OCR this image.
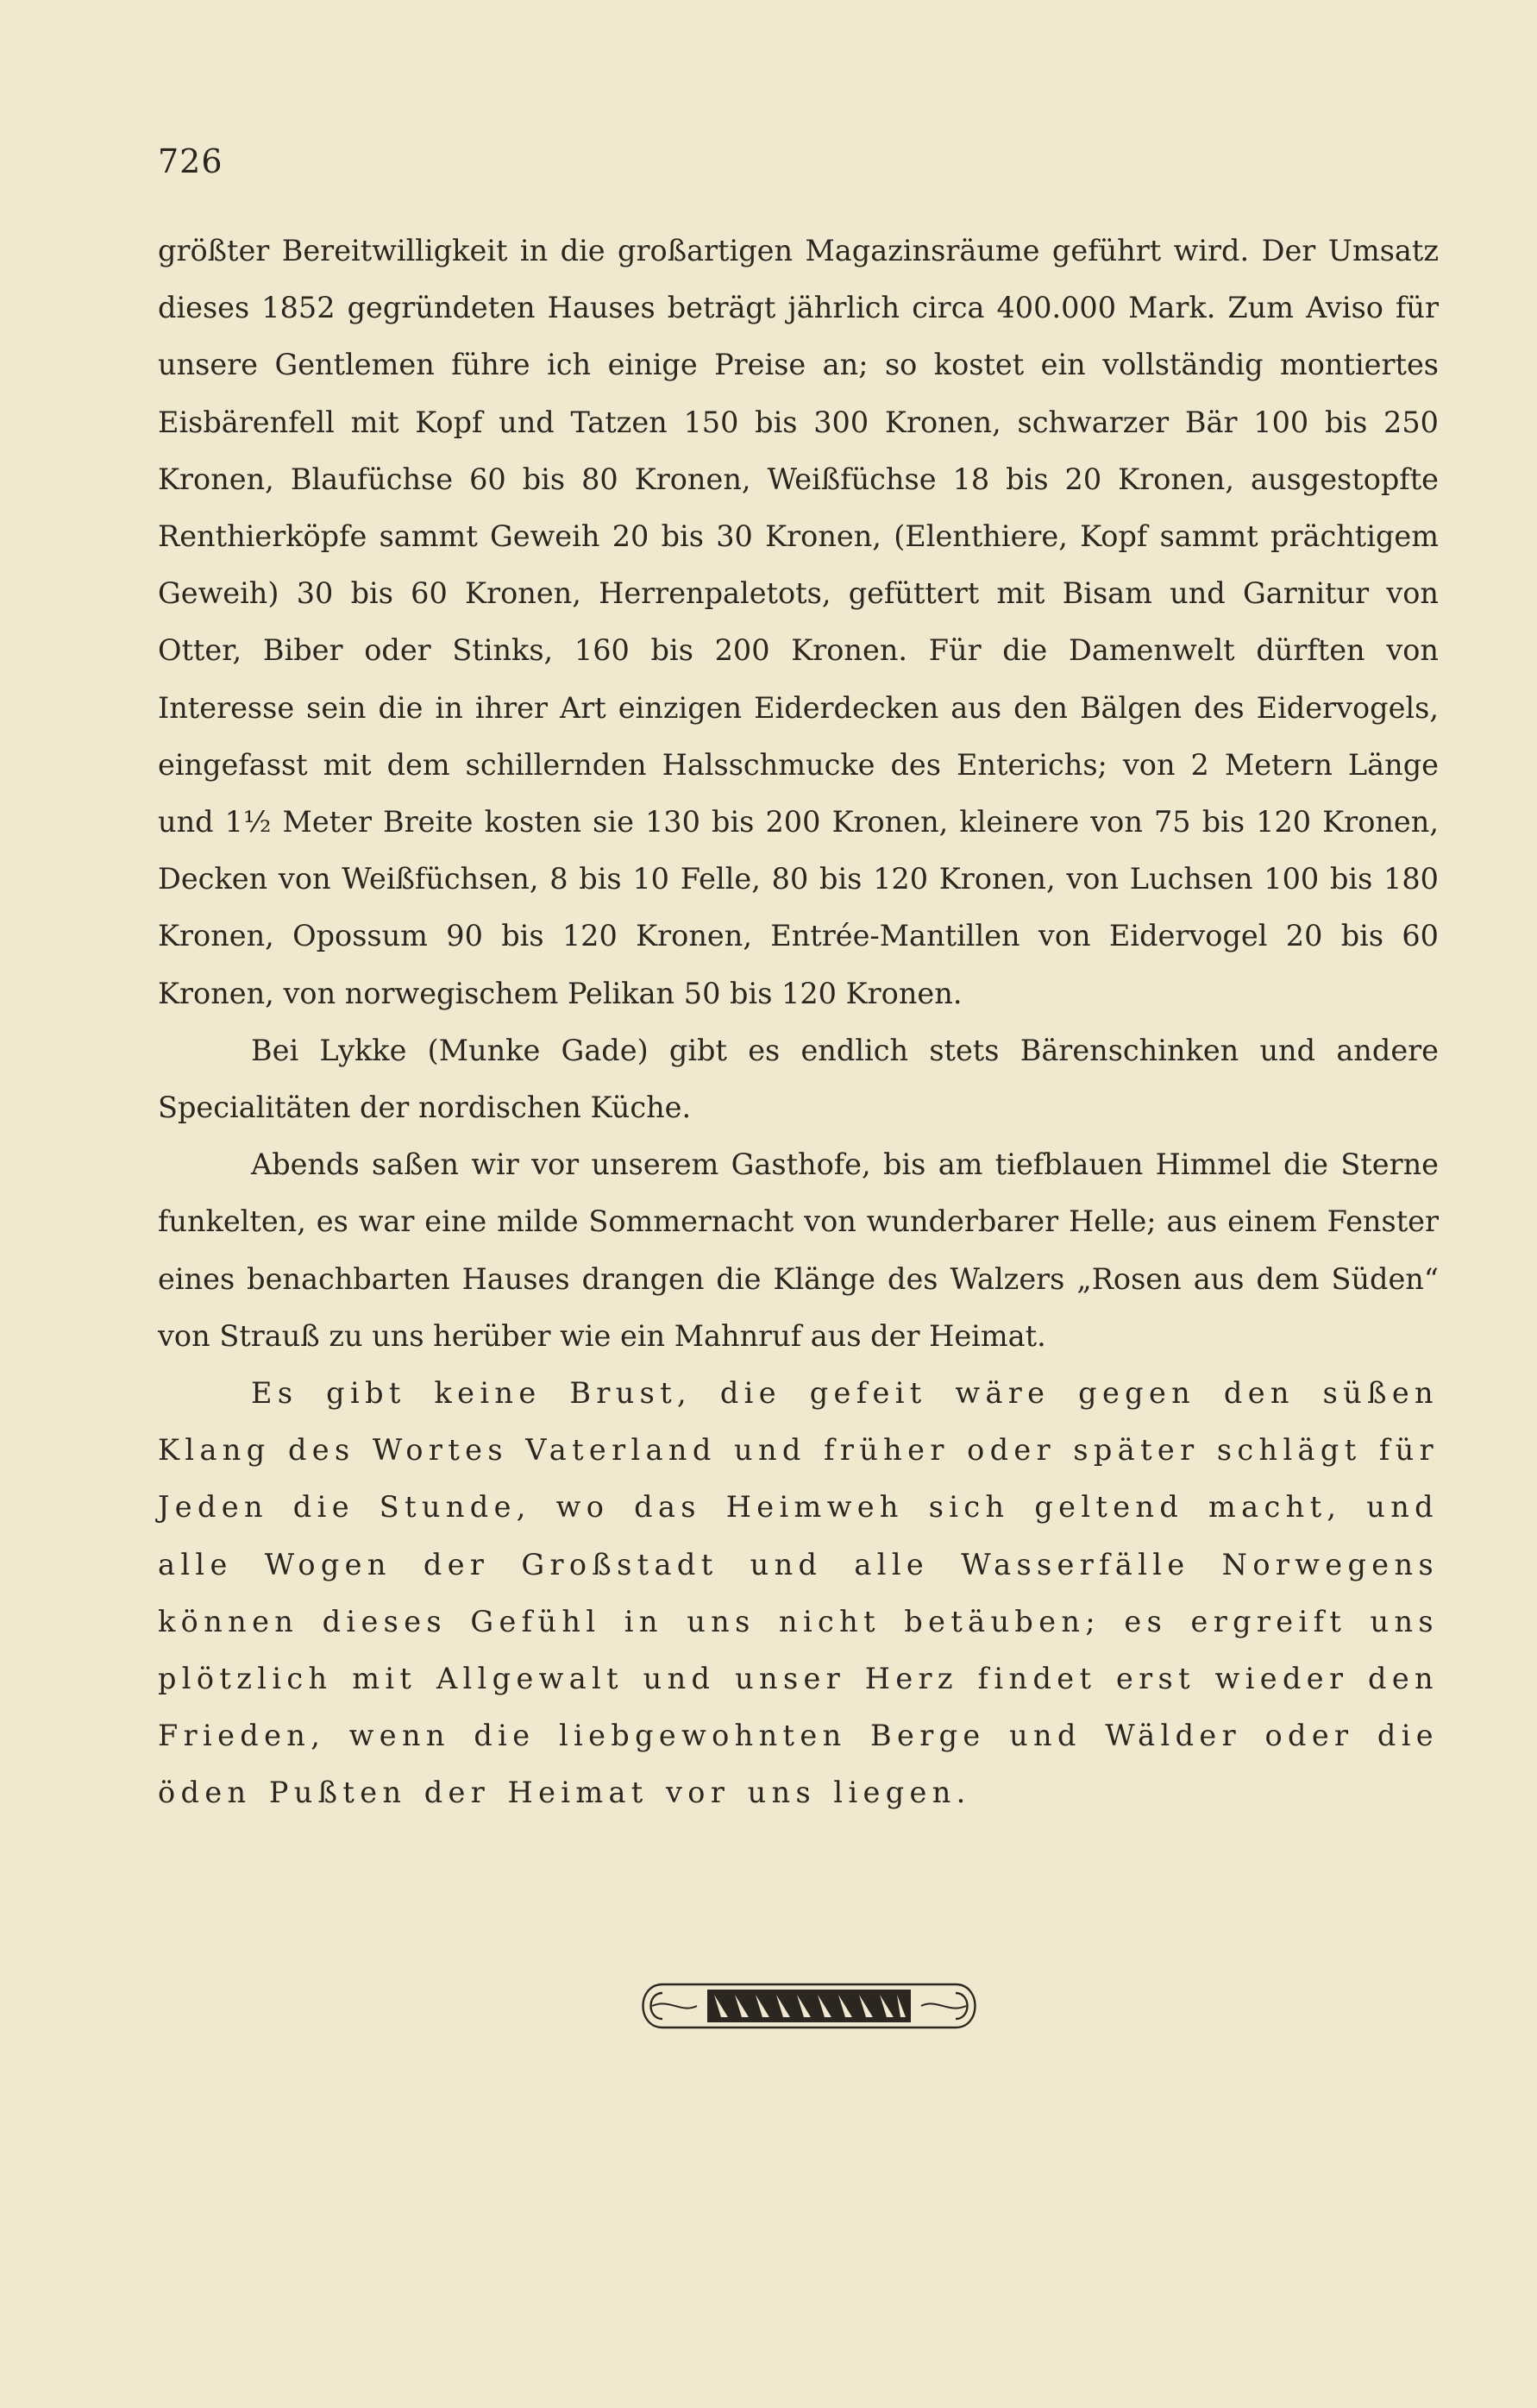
726

größter Bereitwilligkeit in die großartigen Magazinsräume geführt wird. Der Umsatz dieses 1852 gegründeten Hauses beträgt jährlich circa 400.000 Mark. Zum Avisо für unsere Gentlemen führe ich einige Preise an; so kostet ein vollständig montiertes Eisbärenfell mit Kopf und Tatzen 150 bis 300 Kronen, schwarzer Bär 100 bis 250 Kronen, Blaufüchse 60 bis 80 Kronen, Weißfüchse 18 bis 20 Kronen, ausgestopfte Renthierköpfe sammt Geweih 20 bis 30 Kronen, (Elenthiere, Kopf sammt prächtigem Geweih) 30 bis 60 Kronen, Herrenpaletots, gefüttert mit Bisam und Garnitur von Otter, Biber oder Stinks, 160 bis 200 Kronen. Für die Damenwelt dürften von Interesse sein die in ihrer Art einzigen Eiderdecken aus den Bälgen des Eidervogels, eingefasst mit dem schillernden Halsschmucke des Enterichs; von 2 Metern Länge und 1½ Meter Breite kosten sie 130 bis 200 Kronen, kleinere von 75 bis 120 Kronen, Decken von Weißfüchsen, 8 bis 10 Felle, 80 bis 120 Kronen, von Luchsen 100 bis 180 Kronen, Opossum 90 bis 120 Kronen, Entrée-Mantillen von Eidervogel 20 bis 60 Kronen, von norwegischem Pelikan 50 bis 120 Kronen.

Bei Lykke (Munke Gade) gibt es endlich stets Bärenschinken und andere Specialitäten der nordischen Küche.

Abends saßen wir vor unserem Gasthofe, bis am tiefblauen Himmel die Sterne funkelten, es war eine milde Sommernacht von wunderbarer Helle; aus einem Fenster eines benachbarten Hauses drangen die Klänge des Walzers „Rosen aus dem Süden“ von Strauß zu uns herüber wie ein Mahnruf aus der Heimat.

Es gibt keine Brust, die gefeit wäre gegen den süßen Klang des Wortes Vaterland und früher oder später schlägt für Jeden die Stunde, wo das Heimweh sich geltend macht, und alle Wogen der Großstadt und alle Wasserfälle Norwegens können dieses Gefühl in uns nicht betäuben; es ergreift uns plötzlich mit Allgewalt und unser Herz findet erst wieder den Frieden, wenn die liebgewohnten Berge und Wälder oder die öden Pußten der Heimat vor uns liegen.
